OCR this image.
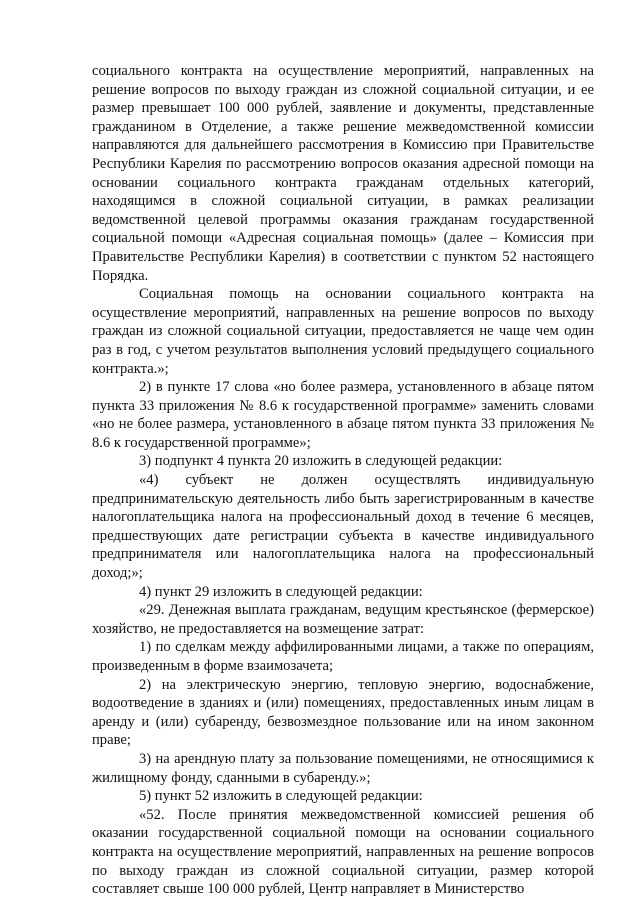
социального контракта на осуществление мероприятий, направленных на решение вопросов по выходу граждан из сложной социальной ситуации, и ее размер превышает 100 000 рублей, заявление и документы, представленные гражданином в Отделение, а также решение межведомственной комиссии направляются для дальнейшего рассмотрения в Комиссию при Правительстве Республики Карелия по рассмотрению вопросов оказания адресной помощи на основании социального контракта гражданам отдельных категорий, находящимся в сложной социальной ситуации, в рамках реализации ведомственной целевой программы оказания гражданам государственной социальной помощи «Адресная социальная помощь» (далее – Комиссия при Правительстве Республики Карелия) в соответствии с пунктом 52 настоящего Порядка.

Социальная помощь на основании социального контракта на осуществление мероприятий, направленных на решение вопросов по выходу граждан из сложной социальной ситуации, предоставляется не чаще чем один раз в год, с учетом результатов выполнения условий предыдущего социального контракта.»;

2) в пункте 17 слова «но более размера, установленного в абзаце пятом пункта 33 приложения № 8.6 к государственной программе» заменить словами «но не более размера, установленного в абзаце пятом пункта 33 приложения № 8.6 к государственной программе»;

3) подпункт 4 пункта 20 изложить в следующей редакции:

«4) субъект не должен осуществлять индивидуальную предпринимательскую деятельность либо быть зарегистрированным в качестве налогоплательщика налога на профессиональный доход в течение 6 месяцев, предшествующих дате регистрации субъекта в качестве индивидуального предпринимателя или налогоплательщика налога на профессиональный доход;»;

4) пункт 29 изложить в следующей редакции:

«29. Денежная выплата гражданам, ведущим крестьянское (фермерское) хозяйство, не предоставляется на возмещение затрат:

1) по сделкам между аффилированными лицами, а также по операциям, произведенным в форме взаимозачета;

2) на электрическую энергию, тепловую энергию, водоснабжение, водоотведение в зданиях и (или) помещениях, предоставленных иным лицам в аренду и (или) субаренду, безвозмездное пользование или на ином законном праве;

3) на арендную плату за пользование помещениями, не относящимися к жилищному фонду, сданными в субаренду.»;

5) пункт 52 изложить в следующей редакции:

«52. После принятия межведомственной комиссией решения об оказании государственной социальной помощи на основании социального контракта на осуществление мероприятий, направленных на решение вопросов по выходу граждан из сложной социальной ситуации, размер которой составляет свыше 100 000 рублей, Центр направляет в Министерство
